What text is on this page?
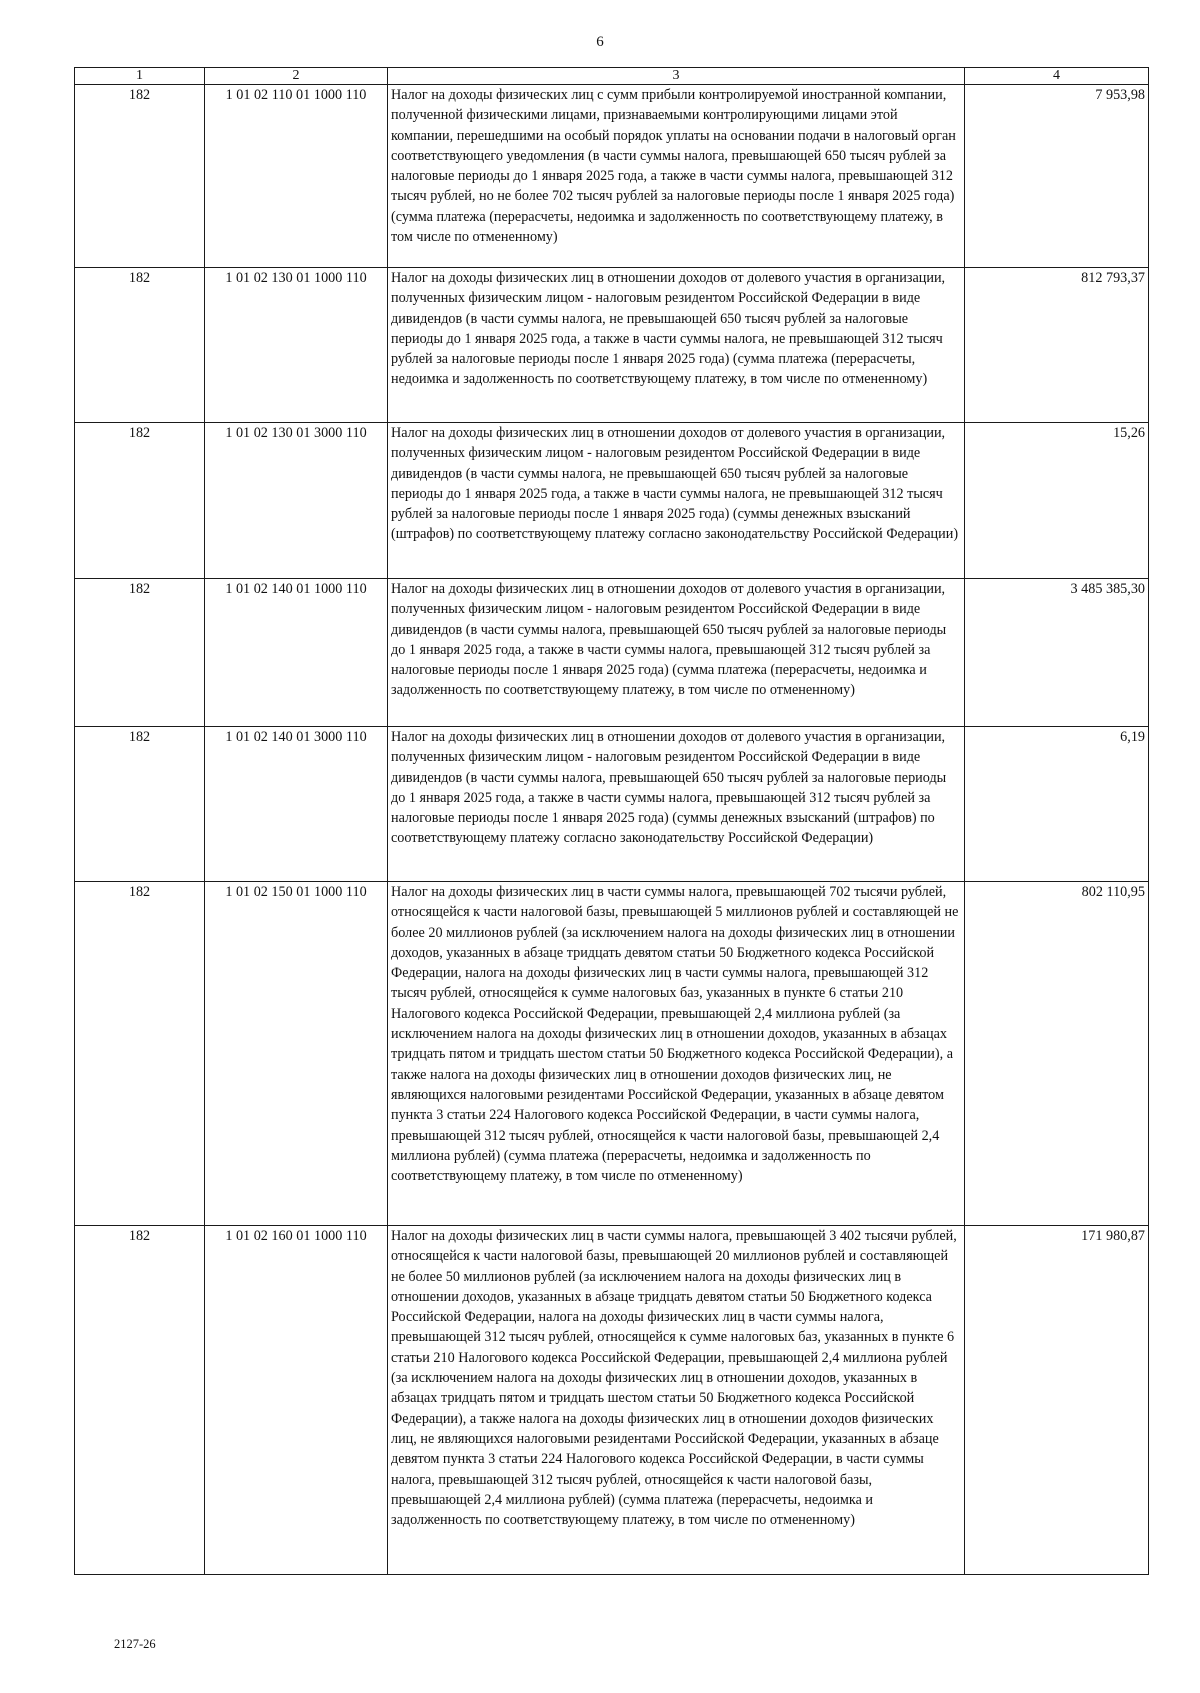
6
1	2	3	4
182	1 01 02 110 01 1000 110	Налог на доходы физических лиц с сумм прибыли контролируемой иностранной компании, полученной физическими лицами, признаваемыми контролирующими лицами этой компании, перешедшими на особый порядок уплаты на основании подачи в налоговый орган соответствующего уведомления (в части суммы налога, превышающей 650 тысяч рублей за налоговые периоды до 1 января 2025 года, а также в части суммы налога, превышающей 312 тысяч рублей, но не более 702 тысяч рублей за налоговые периоды после 1 января 2025 года) (сумма платежа (перерасчеты, недоимка и задолженность по соответствующему платежу, в том числе по отмененному)	7 953,98
182	1 01 02 130 01 1000 110	Налог на доходы физических лиц в отношении доходов от долевого участия в организации, полученных физическим лицом - налоговым резидентом Российской Федерации в виде дивидендов (в части суммы налога, не превышающей 650 тысяч рублей за налоговые периоды до 1 января 2025 года, а также в части суммы налога, не превышающей 312 тысяч рублей за налоговые периоды после 1 января 2025 года) (сумма платежа (перерасчеты, недоимка и задолженность по соответствующему платежу, в том числе по отмененному)	812 793,37
182	1 01 02 130 01 3000 110	Налог на доходы физических лиц в отношении доходов от долевого участия в организации, полученных физическим лицом - налоговым резидентом Российской Федерации в виде дивидендов (в части суммы налога, не превышающей 650 тысяч рублей за налоговые периоды до 1 января 2025 года, а также в части суммы налога, не превышающей 312 тысяч рублей за налоговые периоды после 1 января 2025 года) (суммы денежных взысканий (штрафов) по соответствующему платежу согласно законодательству Российской Федерации)	15,26
182	1 01 02 140 01 1000 110	Налог на доходы физических лиц в отношении доходов от долевого участия в организации, полученных физическим лицом - налоговым резидентом Российской Федерации в виде дивидендов (в части суммы налога, превышающей 650 тысяч рублей за налоговые периоды до 1 января 2025 года, а также в части суммы налога, превышающей 312 тысяч рублей за налоговые периоды после 1 января 2025 года) (сумма платежа (перерасчеты, недоимка и задолженность по соответствующему платежу, в том числе по отмененному)	3 485 385,30
182	1 01 02 140 01 3000 110	Налог на доходы физических лиц в отношении доходов от долевого участия в организации, полученных физическим лицом - налоговым резидентом Российской Федерации в виде дивидендов (в части суммы налога, превышающей 650 тысяч рублей за налоговые периоды до 1 января 2025 года, а также в части суммы налога, превышающей 312 тысяч рублей за налоговые периоды после 1 января 2025 года) (суммы денежных взысканий (штрафов) по соответствующему платежу согласно законодательству Российской Федерации)	6,19
182	1 01 02 150 01 1000 110	Налог на доходы физических лиц в части суммы налога, превышающей 702 тысячи рублей, относящейся к части налоговой базы, превышающей 5 миллионов рублей и составляющей не более 20 миллионов рублей (за исключением налога на доходы физических лиц в отношении доходов, указанных в абзаце тридцать девятом статьи 50 Бюджетного кодекса Российской Федерации, налога на доходы физических лиц в части суммы налога, превышающей 312 тысяч рублей, относящейся к сумме налоговых баз, указанных в пункте 6 статьи 210 Налогового кодекса Российской Федерации, превышающей 2,4 миллиона рублей (за исключением налога на доходы физических лиц в отношении доходов, указанных в абзацах тридцать пятом и тридцать шестом статьи 50 Бюджетного кодекса Российской Федерации), а также налога на доходы физических лиц в отношении доходов физических лиц, не являющихся налоговыми резидентами Российской Федерации, указанных в абзаце девятом пункта 3 статьи 224 Налогового кодекса Российской Федерации, в части суммы налога, превышающей 312 тысяч рублей, относящейся к части налоговой базы, превышающей 2,4 миллиона рублей) (сумма платежа (перерасчеты, недоимка и задолженность по соответствующему платежу, в том числе по отмененному)	802 110,95
182	1 01 02 160 01 1000 110	Налог на доходы физических лиц в части суммы налога, превышающей 3 402 тысячи рублей, относящейся к части налоговой базы, превышающей 20 миллионов рублей и составляющей не более 50 миллионов рублей (за исключением налога на доходы физических лиц в отношении доходов, указанных в абзаце тридцать девятом статьи 50 Бюджетного кодекса Российской Федерации, налога на доходы физических лиц в части суммы налога, превышающей 312 тысяч рублей, относящейся к сумме налоговых баз, указанных в пункте 6 статьи 210 Налогового кодекса Российской Федерации, превышающей 2,4 миллиона рублей (за исключением налога на доходы физических лиц в отношении доходов, указанных в абзацах тридцать пятом и тридцать шестом статьи 50 Бюджетного кодекса Российской Федерации), а также налога на доходы физических лиц в отношении доходов физических лиц, не являющихся налоговыми резидентами Российской Федерации, указанных в абзаце девятом пункта 3 статьи 224 Налогового кодекса Российской Федерации, в части суммы налога, превышающей 312 тысяч рублей, относящейся к части налоговой базы, превышающей 2,4 миллиона рублей) (сумма платежа (перерасчеты, недоимка и задолженность по соответствующему платежу, в том числе по отмененному)	171 980,87
2127-26
